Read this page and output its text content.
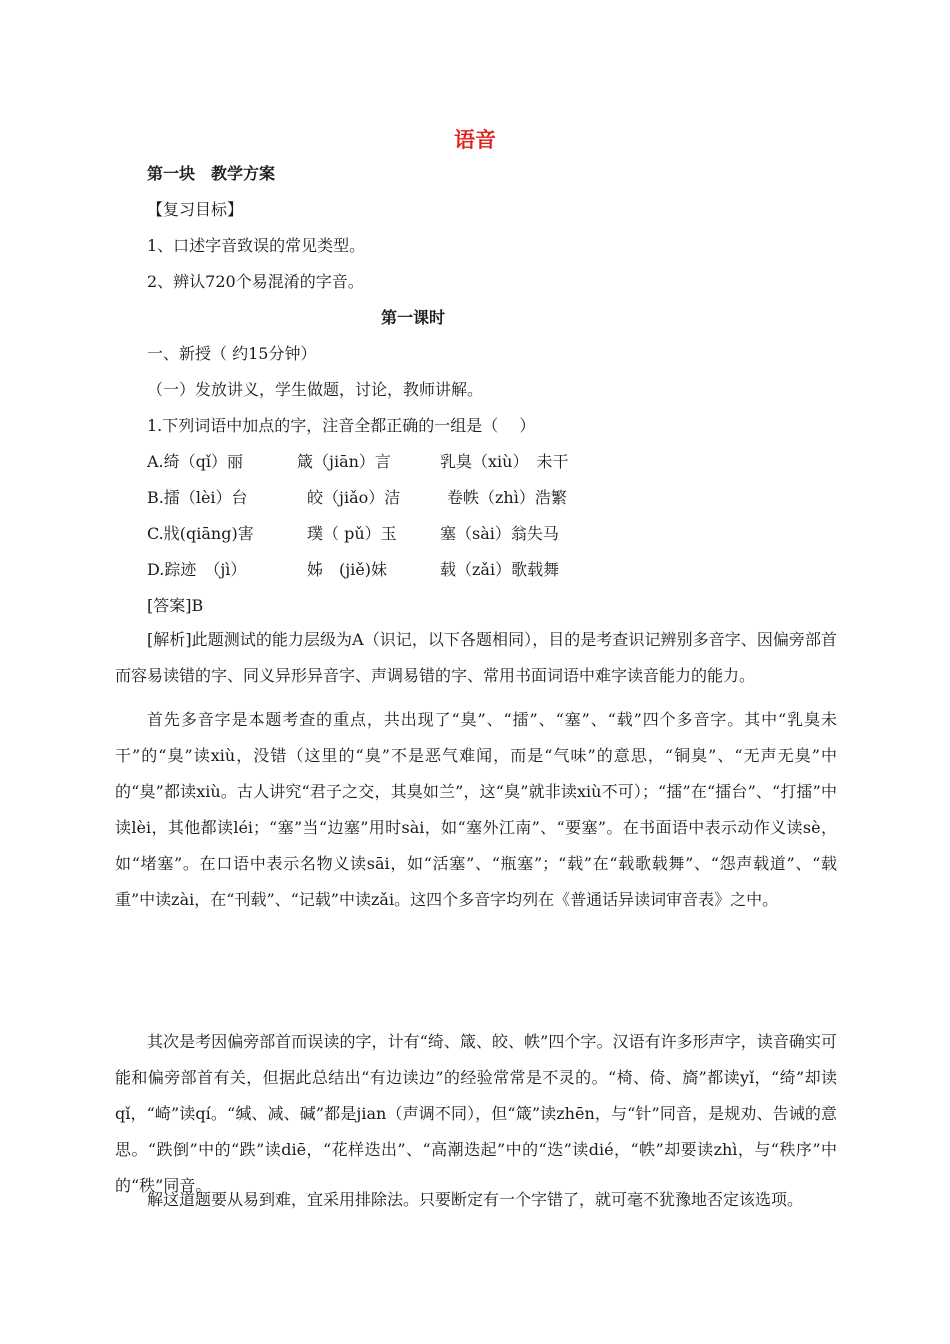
语音
第一块　教学方案
【复习目标】
1、口述字音致误的常见类型。
2、辨认720个易混淆的字音。
第一课时
一、新授（ 约15分钟）
（一）发放讲义，学生做题，讨论，教师讲解。
1.下列词语中加点的字，注音全都正确的一组是（　 ）
A.绮（qǐ）丽	箴（jiān）言	乳臭（xiù）　未干
B.擂（lèi）台	皎（jiǎo）洁	卷帙（zhì）浩繁
C.戕(qiāng)害	璞（ pǔ）玉	塞（sài）翁失马
D.踪迹　（jì）	姊　(jiě)妹	载（zǎi）歌载舞
[答案]B
[解析]此题测试的能力层级为A（识记，以下各题相同），目的是考查识记辨别多音字、因偏旁部首而容易读错的字、同义异形异音字、声调易错的字、常用书面词语中难字读音能力的能力。
首先多音字是本题考查的重点，共出现了“臭”、“擂”、“塞”、“载”四个多音字。其中“乳臭未干”的“臭”读xiù，没错（这里的“臭”不是恶气难闻，而是“气味”的意思，“铜臭”、“无声无臭”中的“臭”都读xiù。古人讲究“君子之交，其臭如兰”，这“臭”就非读xiù不可）；“擂”在“擂台”、“打擂”中读lèi，其他都读léi；“塞”当“边塞”用时sài，如“塞外江南”、“要塞”。在书面语中表示动作义读sè，如“堵塞”。在口语中表示名物义读sāi，如“活塞”、“瓶塞”；“载”在“载歌载舞”、“怨声载道”、“载重”中读zài，在“刊载”、“记载”中读zǎi。这四个多音字均列在《普通话异读词审音表》之中。
其次是考因偏旁部首而误读的字，计有“绮、箴、皎、帙”四个字。汉语有许多形声字，读音确实可能和偏旁部首有关，但据此总结出“有边读边”的经验常常是不灵的。“椅、倚、旖”都读yǐ，“绮”却读qǐ，“崎”读qí。“缄、减、碱”都是jian（声调不同），但“箴”读zhēn，与“针”同音，是规劝、告诫的意思。“跌倒”中的“跌”读diē，“花样迭出”、“高潮迭起”中的“迭”读dié，“帙”却要读zhì，与“秩序”中的“秩”同音。
解这道题要从易到难，宜采用排除法。只要断定有一个字错了，就可毫不犹豫地否定该选项。
